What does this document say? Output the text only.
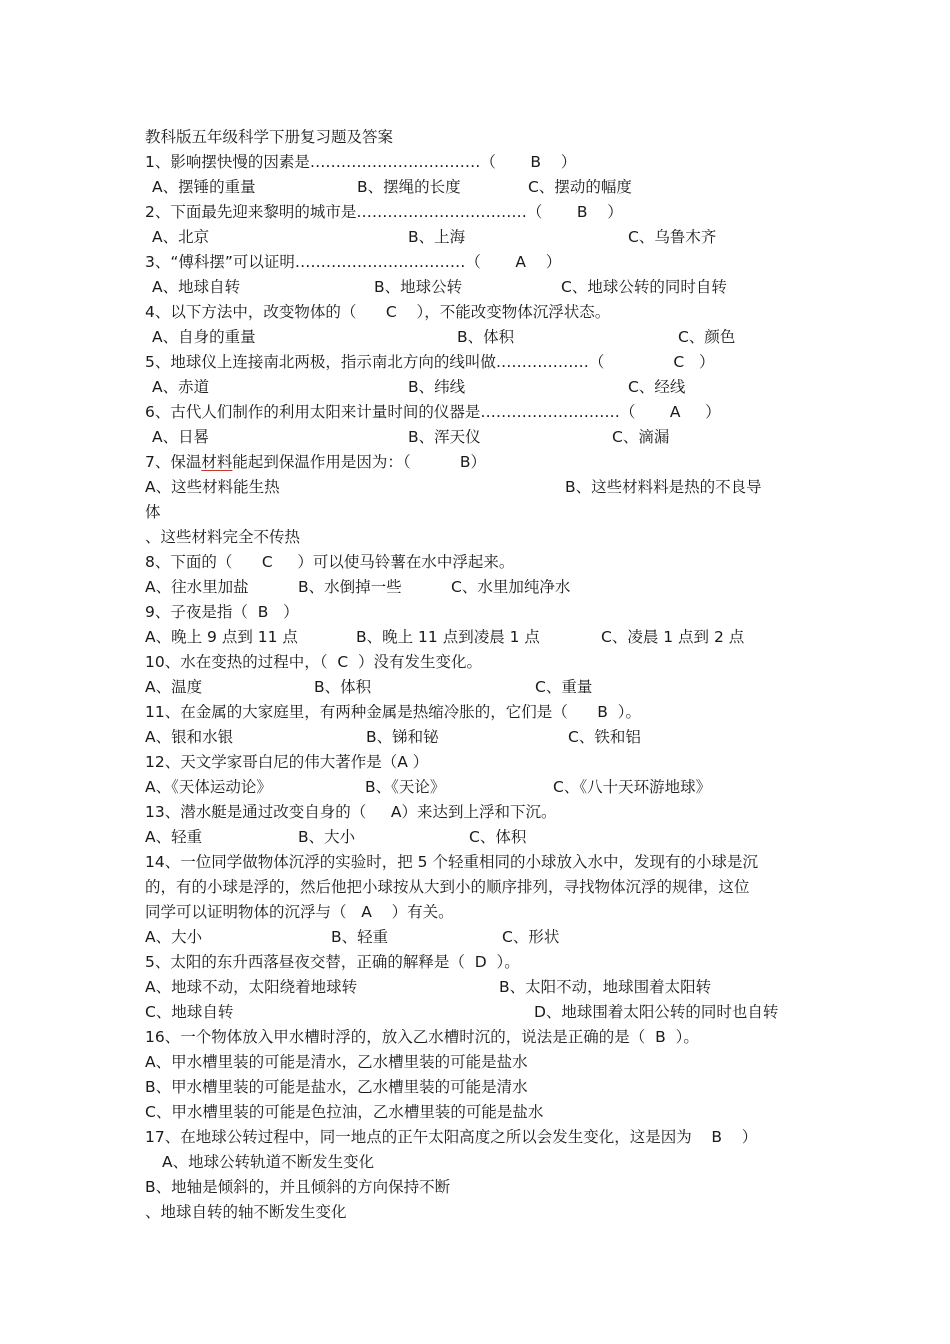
教科版五年级科学下册复习题及答案

1、影响摆快慢的因素是……………………………（       B    ）
A、摆锤的重量	B、摆绳的长度	C、摆动的幅度
2、下面最先迎来黎明的城市是……………………………（       B    ）
A、北京	B、上海	C、乌鲁木齐
3、“傅科摆”可以证明……………………………（       A    ）
A、地球自转	B、地球公转	C、地球公转的同时自转
4、以下方法中，改变物体的（      C    ），不能改变物体沉浮状态。
A、自身的重量	B、体积	C、颜色
5、地球仪上连接南北两极，指示南北方向的线叫做………………（              C   ）
A、赤道	B、纬线	C、经线
6、古代人们制作的利用太阳来计量时间的仪器是………………………（       A     ）
A、日晷	B、浑天仪	C、滴漏
7、保温材料能起到保温作用是因为：（          B）
A、这些材料能生热	B、这些材料料是热的不良导
体
、这些材料完全不传热
8、下面的（      C     ）可以使马铃薯在水中浮起来。
A、往水里加盐	B、水倒掉一些	C、水里加纯净水
9、子夜是指（  B   ）
A、晚上 9 点到 11 点	B、晚上 11 点到凌晨 1 点	C、凌晨 1 点到 2 点
10、水在变热的过程中，（  C  ）没有发生变化。
A、温度	B、体积	C、重量
11、在金属的大家庭里，有两种金属是热缩冷胀的，它们是（      B  ）。
A、银和水银	B、锑和铋	C、铁和铝
12、天文学家哥白尼的伟大著作是（A ）
A、《天体运动论》	B、《天论》	C、《八十天环游地球》
13、潜水艇是通过改变自身的（     A）来达到上浮和下沉。
A、轻重	B、大小	C、体积
14、一位同学做物体沉浮的实验时，把 5 个轻重相同的小球放入水中，发现有的小球是沉
的，有的小球是浮的，然后他把小球按从大到小的顺序排列，寻找物体沉浮的规律，这位
同学可以证明物体的沉浮与（   A    ）有关。
A、大小	B、轻重	C、形状
5、太阳的东升西落昼夜交替，正确的解释是（  D  ）。
A、地球不动，太阳绕着地球转	B、太阳不动，地球围着太阳转
C、地球自转	D、地球围着太阳公转的同时也自转
16、一个物体放入甲水槽时浮的，放入乙水槽时沉的，说法是正确的是（  B  ）。
A、甲水槽里装的可能是清水，乙水槽里装的可能是盐水
B、甲水槽里装的可能是盐水，乙水槽里装的可能是清水
C、甲水槽里装的可能是色拉油，乙水槽里装的可能是盐水
17、在地球公转过程中，同一地点的正午太阳高度之所以会发生变化，这是因为    B    ）
A、地球公转轨道不断发生变化
B、地轴是倾斜的，并且倾斜的方向保持不断
、地球自转的轴不断发生变化
